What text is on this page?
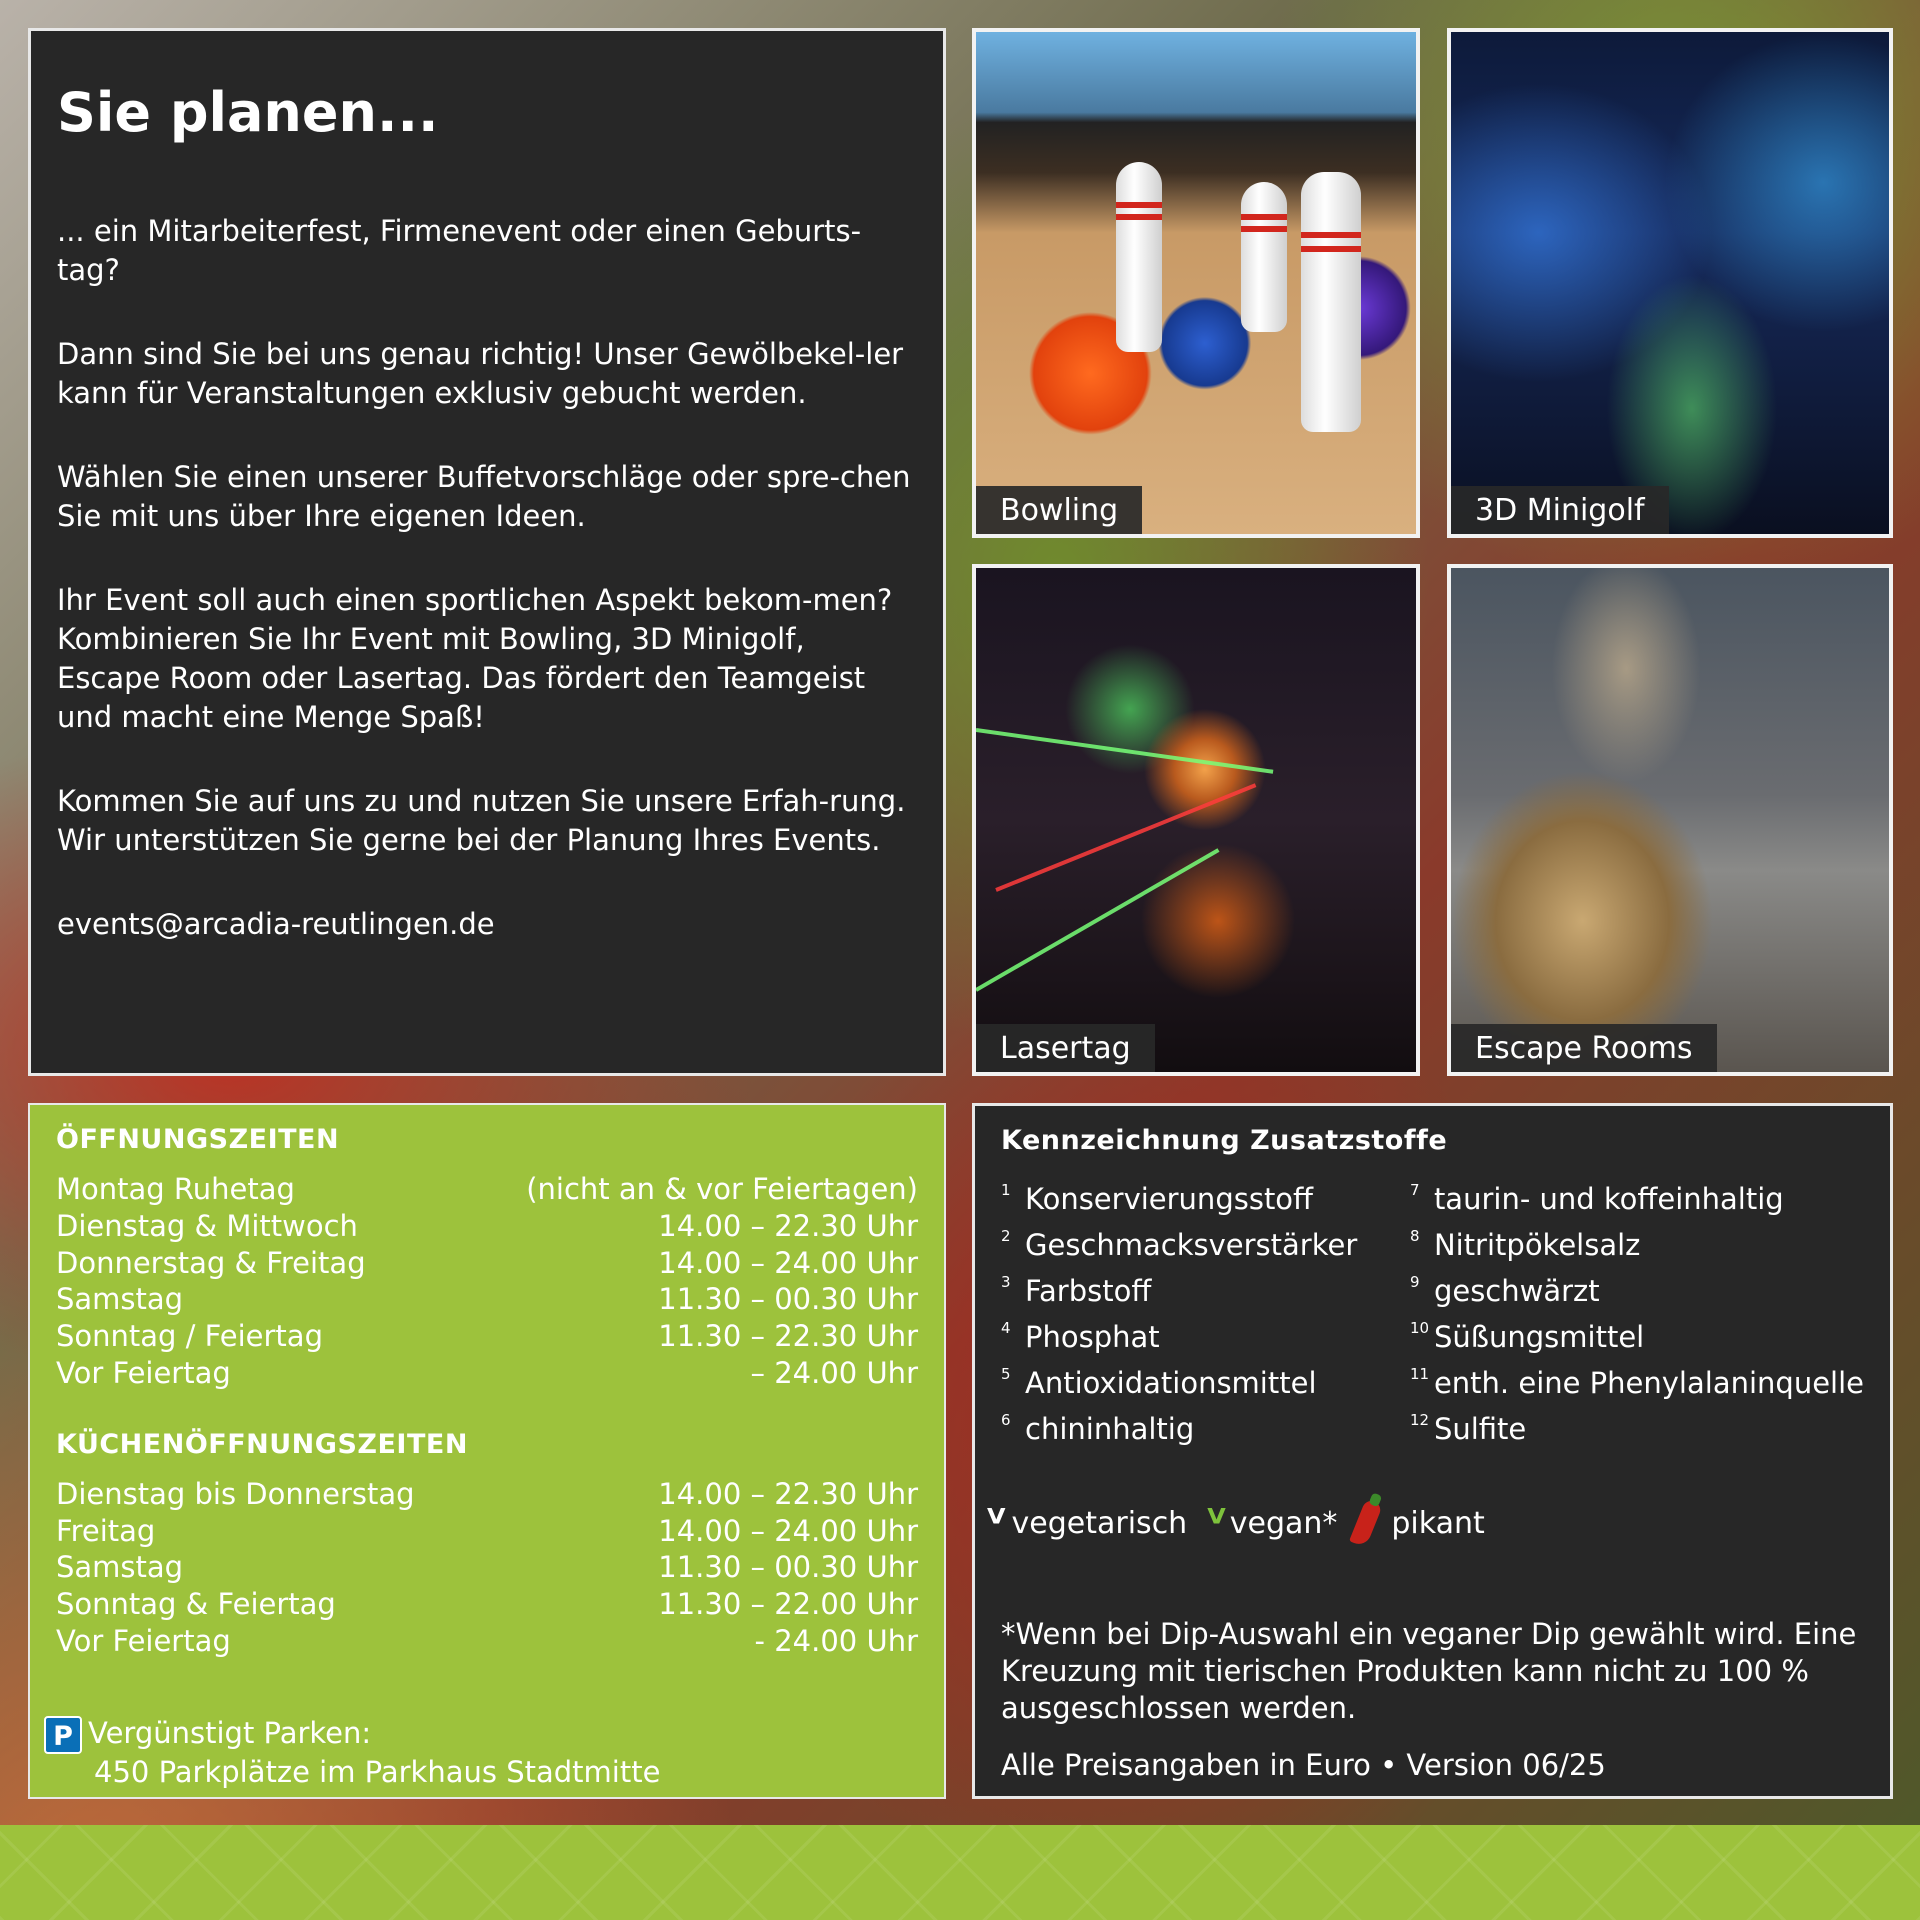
Sie planen...

... ein Mitarbeiterfest, Firmenevent oder einen Geburts-tag?

Dann sind Sie bei uns genau richtig! Unser Gewölbekel-ler kann für Veranstaltungen exklusiv gebucht werden.

Wählen Sie einen unserer Buffetvorschläge oder spre-chen Sie mit uns über Ihre eigenen Ideen.

Ihr Event soll auch einen sportlichen Aspekt bekom-men? Kombinieren Sie Ihr Event mit Bowling, 3D Minigolf, Escape Room oder Lasertag. Das fördert den Teamgeist und macht eine Menge Spaß!

Kommen Sie auf uns zu und nutzen Sie unsere Erfah-rung. Wir unterstützen Sie gerne bei der Planung Ihres Events.

events@arcadia-reutlingen.de

Bowling	3D Minigolf
Lasertag	Escape Rooms

ÖFFNUNGSZEITEN

Montag Ruhetag	(nicht an & vor Feiertagen)
Dienstag & Mittwoch	14.00 – 22.30 Uhr
Donnerstag & Freitag	14.00 – 24.00 Uhr
Samstag	11.30 – 00.30 Uhr
Sonntag / Feiertag	11.30 – 22.30 Uhr
Vor Feiertag	– 24.00 Uhr

KÜCHENÖFFNUNGSZEITEN

Dienstag bis Donnerstag	14.00 – 22.30 Uhr
Freitag	14.00 – 24.00 Uhr
Samstag	11.30 – 00.30 Uhr
Sonntag & Feiertag	11.30 – 22.00 Uhr
Vor Feiertag	- 24.00 Uhr
P Vergünstigt Parken:
450 Parkplätze im Parkhaus Stadtmitte

Kennzeichnung Zusatzstoffe

$^1$ Konservierungsstoff
$^2$ Geschmacksverstärker
$^3$ Farbstoff
$^4$ Phosphat
$^5$ Antioxidationsmittel
$^6$ chininhaltig
$^7$ taurin- und koffeinhaltig
$^8$ Nitritpökelsalz
$^9$ geschwärzt
$^{10}$ Süßungsmittel
$^{11}$ enth. eine Phenylalaninquelle
$^{12}$ Sulfite
ⱽ vegetarisch ⱽ vegan* pikant
*Wenn bei Dip-Auswahl ein veganer Dip gewählt wird. Eine Kreuzung mit tierischen Produkten kann nicht zu 100 % ausgeschlossen werden.
Alle Preisangaben in Euro • Version 06/25
